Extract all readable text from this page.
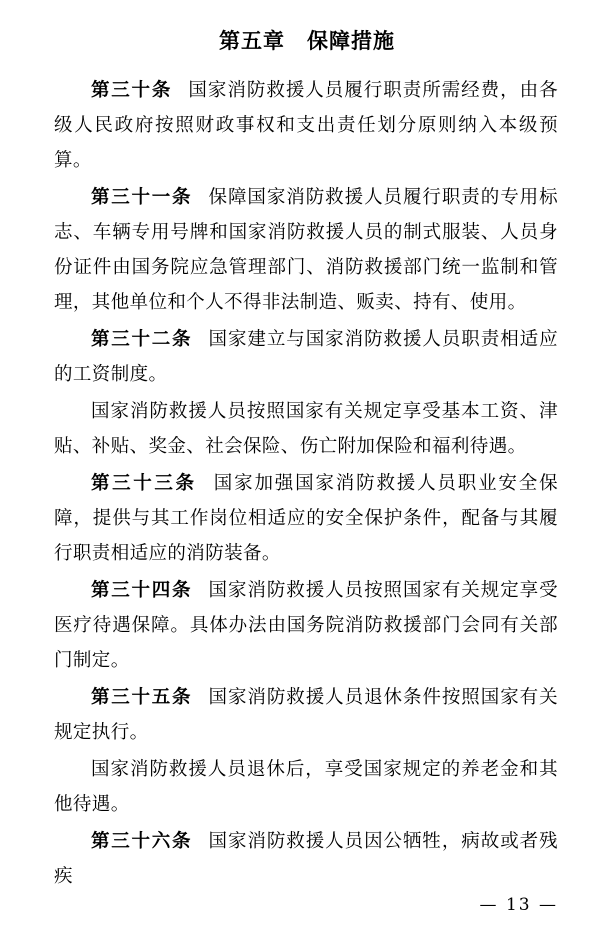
第五章　保障措施

第三十条 国家消防救援人员履行职责所需经费，由各级人民政府按照财政事权和支出责任划分原则纳入本级预算。

第三十一条 保障国家消防救援人员履行职责的专用标志、车辆专用号牌和国家消防救援人员的制式服装、人员身份证件由国务院应急管理部门、消防救援部门统一监制和管理，其他单位和个人不得非法制造、贩卖、持有、使用。

第三十二条 国家建立与国家消防救援人员职责相适应的工资制度。

国家消防救援人员按照国家有关规定享受基本工资、津贴、补贴、奖金、社会保险、伤亡附加保险和福利待遇。

第三十三条 国家加强国家消防救援人员职业安全保障，提供与其工作岗位相适应的安全保护条件，配备与其履行职责相适应的消防装备。

第三十四条 国家消防救援人员按照国家有关规定享受医疗待遇保障。具体办法由国务院消防救援部门会同有关部门制定。

第三十五条 国家消防救援人员退休条件按照国家有关规定执行。

国家消防救援人员退休后，享受国家规定的养老金和其他待遇。

第三十六条 国家消防救援人员因公牺牲，病故或者残疾

— 13 —
